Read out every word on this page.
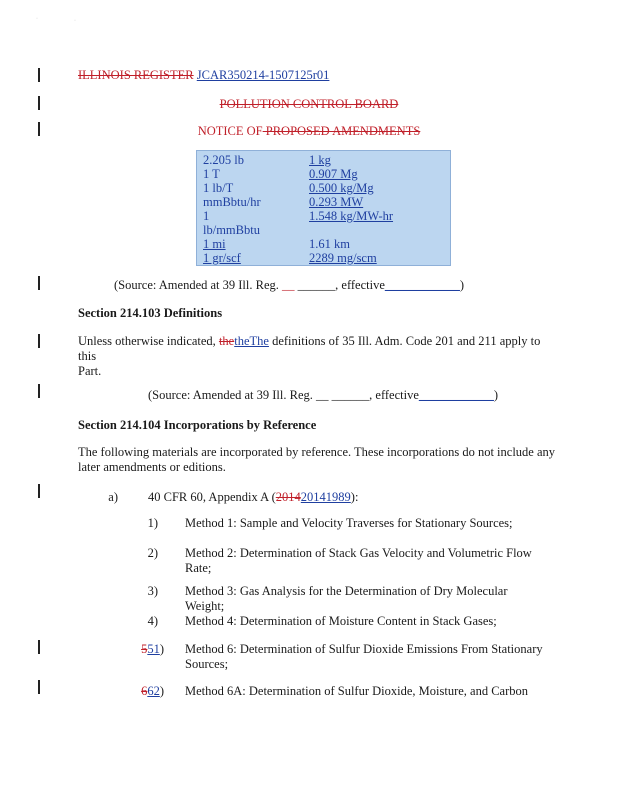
·	·
ILLINOIS REGISTER JCAR350214-1507125r01
POLLUTION CONTROL BOARD
NOTICE OF PROPOSED AMENDMENTS
2.205 lb	1 kg
1 T	0.907 Mg
1 lb/T	0.500 kg/Mg
mmBbtu/hr	0.293 MW
1	1.548 kg/MW-hr
lb/mmBbtu
1 mi	1.61 km
1 gr/scf	2289 mg/scm
(Source: Amended at 39 Ill. Reg. __ ______, effective____________)
Section 214.103 Definitions
Unless otherwise indicated, thetheThe definitions of 35 Ill. Adm. Code 201 and 211 apply to this
Part.
(Source: Amended at 39 Ill. Reg. __ ______, effective____________)
Section 214.104 Incorporations by Reference
The following materials are incorporated by reference. These incorporations do not include any
later amendments or editions.
a) 40 CFR 60, Appendix A (201420141989):
1) Method 1: Sample and Velocity Traverses for Stationary Sources;
2) Method 2: Determination of Stack Gas Velocity and Volumetric Flow
Rate;
3) Method 3: Gas Analysis for the Determination of Dry Molecular Weight;
4) Method 4: Determination of Moisture Content in Stack Gases;
551) Method 6: Determination of Sulfur Dioxide Emissions From Stationary
Sources;
662) Method 6A: Determination of Sulfur Dioxide, Moisture, and Carbon
